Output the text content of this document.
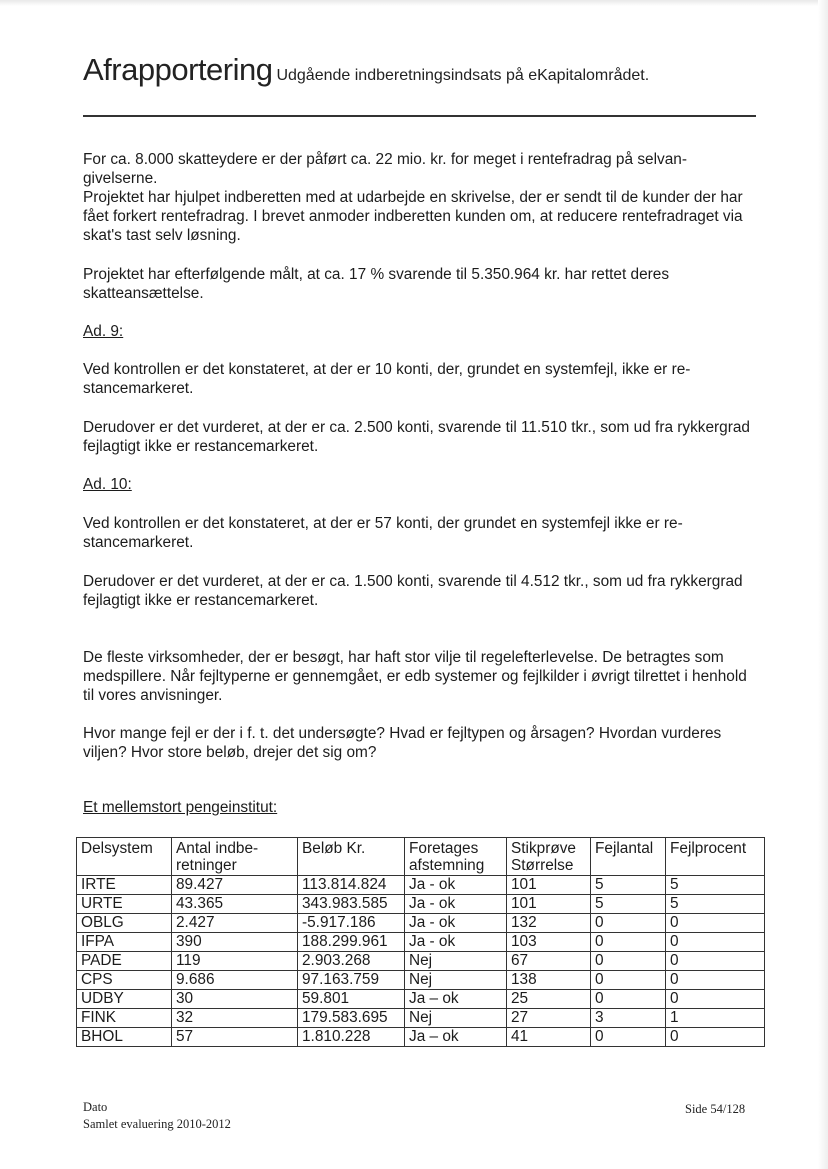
Afrapportering Udgående indberetningsindsats på eKapitalområdet.

For ca. 8.000 skatteydere er der påført ca. 22 mio. kr. for meget i rentefradrag på selvangivelserne.

Projektet har hjulpet indberetten med at udarbejde en skrivelse, der er sendt til de kunder der har fået forkert rentefradrag. I brevet anmoder indberetten kunden om, at reducere rentefradraget via skat's tast selv løsning.

Projektet har efterfølgende målt, at ca. 17 % svarende til 5.350.964 kr. har rettet deres skatteansættelse.

Ad. 9:

Ved kontrollen er det konstateret, at der er 10 konti, der, grundet en systemfejl, ikke er restancemarkeret.

Derudover er det vurderet, at der er ca. 2.500 konti, svarende til 11.510 tkr., som ud fra rykkergrad fejlagtigt ikke er restancemarkeret.

Ad. 10:

Ved kontrollen er det konstateret, at der er 57 konti, der grundet en systemfejl ikke er restancemarkeret.

Derudover er det vurderet, at der er ca. 1.500 konti, svarende til 4.512 tkr., som ud fra rykkergrad fejlagtigt ikke er restancemarkeret.

De fleste virksomheder, der er besøgt, har haft stor vilje til regelefterlevelse. De betragtes som medspillere. Når fejltyperne er gennemgået, er edb systemer og fejlkilder i øvrigt tilrettet i henhold til vores anvisninger.

Hvor mange fejl er der i f. t. det undersøgte? Hvad er fejltypen og årsagen? Hvordan vurderes viljen? Hvor store beløb, drejer det sig om?

Et mellemstort pengeinstitut:

Delsystem	Antal indbe-retninger	Beløb Kr.	Foretages afstemning	Stikprøve Størrelse	Fejlantal	Fejlprocent
IRTE	89.427	113.814.824	Ja - ok	101	5	5
URTE	43.365	343.983.585	Ja - ok	101	5	5
OBLG	2.427	-5.917.186	Ja - ok	132	0	0
IFPA	390	188.299.961	Ja - ok	103	0	0
PADE	119	2.903.268	Nej	67	0	0
CPS	9.686	97.163.759	Nej	138	0	0
UDBY	30	59.801	Ja – ok	25	0	0
FINK	32	179.583.695	Nej	27	3	1
BHOL	57	1.810.228	Ja – ok	41	0	0
Dato
Samlet evaluering 2010-2012
Side 54/128
